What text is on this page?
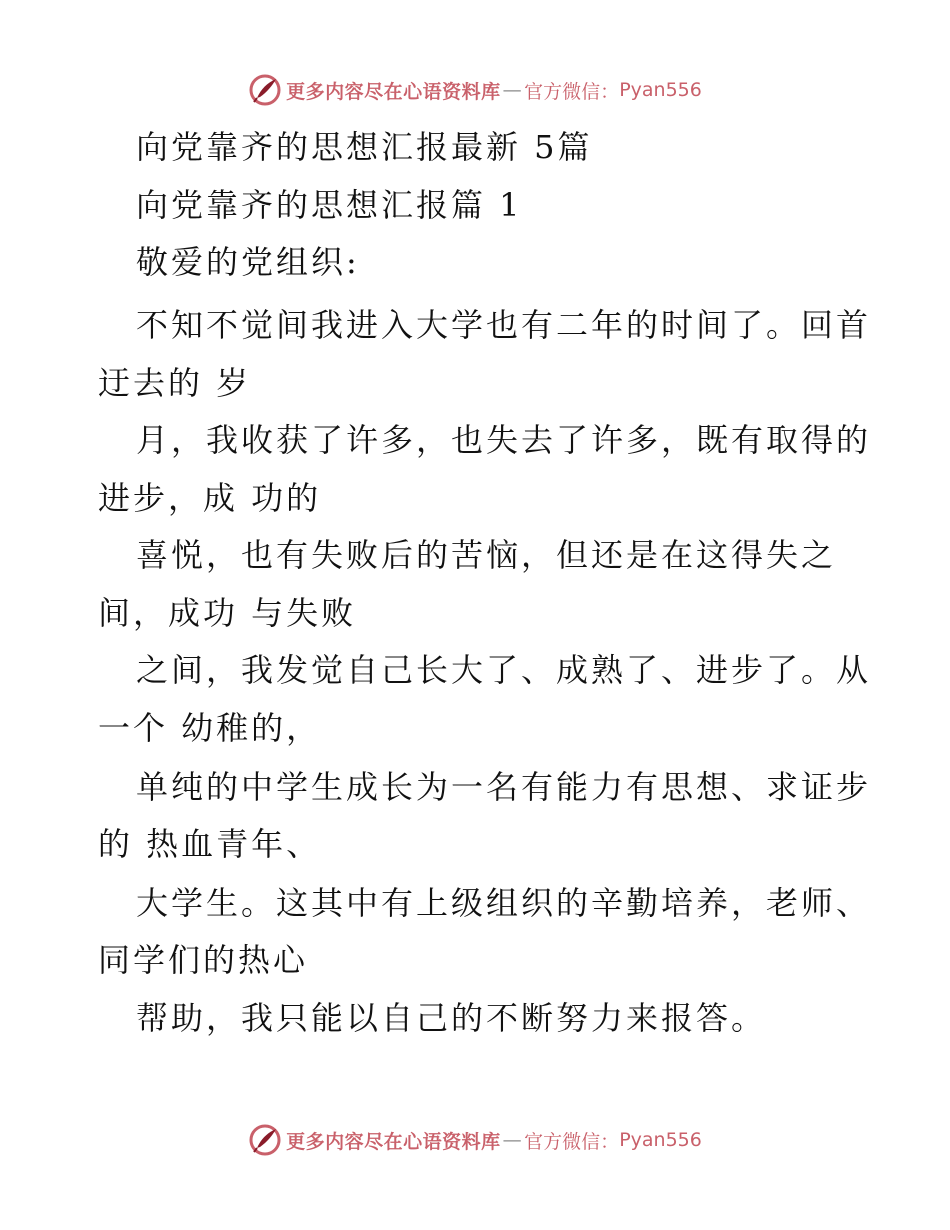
更多内容尽在心语资料库 — 官方微信： Pyan556
向党靠齐的思想汇报最新 5篇
向党靠齐的思想汇报篇 1
敬爱的党组织:
不知不觉间我进入大学也有二年的时间了。回首
迂去的 岁
月，我收获了许多，也失去了许多，既有取得的
进步，成 功的
喜悦，也有失败后的苦恼，但还是在这得失之
间，成功 与失败
之间，我发觉自己长大了、成熟了、进步了。从
一个 幼稚的，
单纯的中学生成长为一名有能力有思想、求证步
的 热血青年、
大学生。这其中有上级组织的辛勤培养，老师、
同学们的热心
帮助，我只能以自己的不断努力来报答。
更多内容尽在心语资料库 — 官方微信： Pyan556
